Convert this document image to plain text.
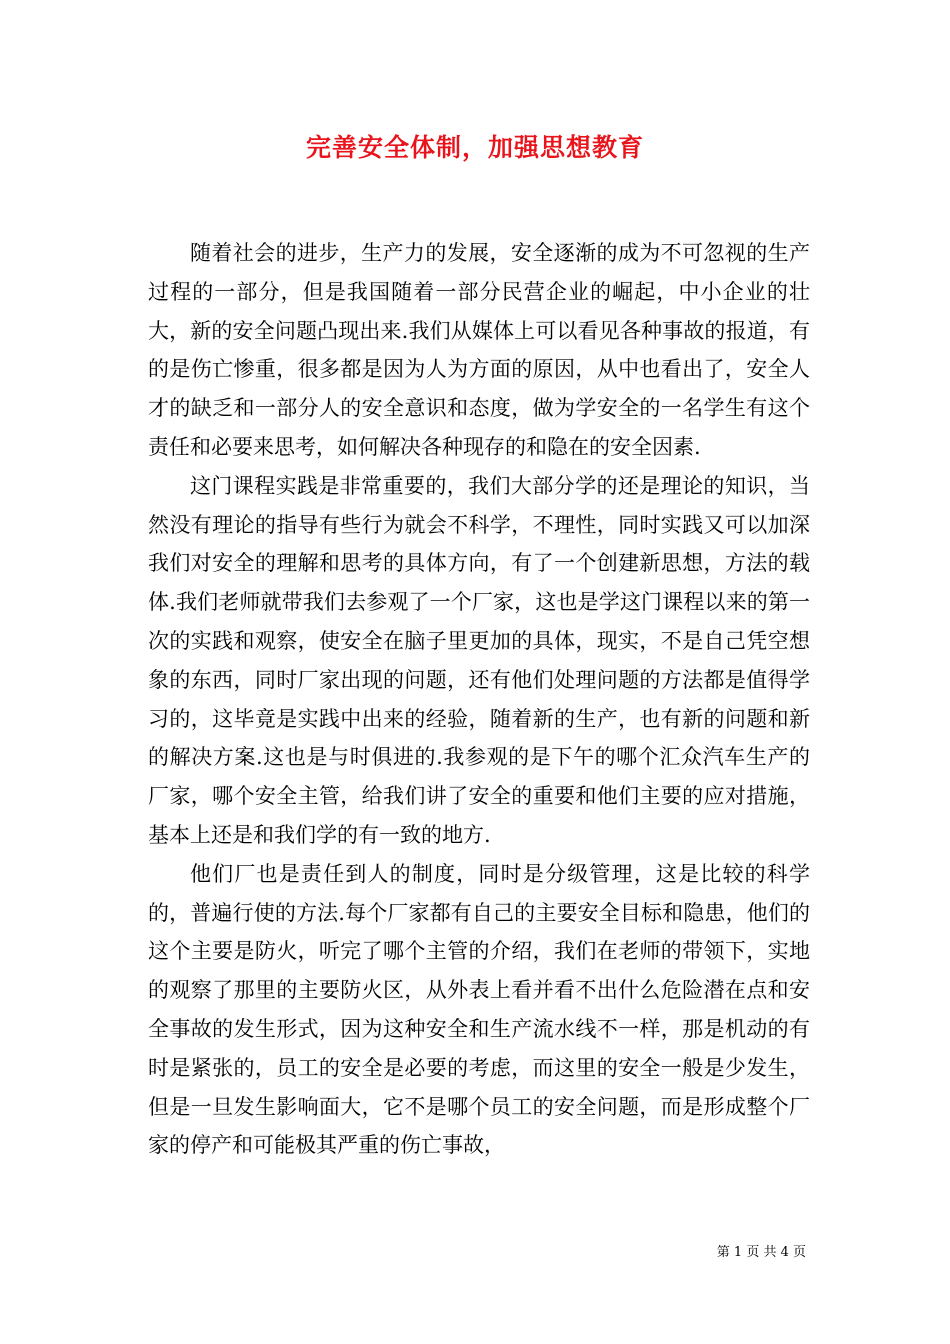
完善安全体制，加强思想教育

随着社会的进步，生产力的发展，安全逐渐的成为不可忽视的生产过程的一部分，但是我国随着一部分民营企业的崛起，中小企业的壮大，新的安全问题凸现出来.我们从媒体上可以看见各种事故的报道，有的是伤亡惨重，很多都是因为人为方面的原因，从中也看出了，安全人才的缺乏和一部分人的安全意识和态度，做为学安全的一名学生有这个责任和必要来思考，如何解决各种现存的和隐在的安全因素.

这门课程实践是非常重要的，我们大部分学的还是理论的知识，当然没有理论的指导有些行为就会不科学，不理性，同时实践又可以加深我们对安全的理解和思考的具体方向，有了一个创建新思想，方法的载体.我们老师就带我们去参观了一个厂家，这也是学这门课程以来的第一次的实践和观察，使安全在脑子里更加的具体，现实，不是自己凭空想象的东西，同时厂家出现的问题，还有他们处理问题的方法都是值得学习的，这毕竟是实践中出来的经验，随着新的生产，也有新的问题和新的解决方案.这也是与时俱进的.我参观的是下午的哪个汇众汽车生产的厂家，哪个安全主管，给我们讲了安全的重要和他们主要的应对措施，基本上还是和我们学的有一致的地方.

他们厂也是责任到人的制度，同时是分级管理，这是比较的科学的，普遍行使的方法.每个厂家都有自己的主要安全目标和隐患，他们的这个主要是防火，听完了哪个主管的介绍，我们在老师的带领下，实地的观察了那里的主要防火区，从外表上看并看不出什么危险潜在点和安全事故的发生形式，因为这种安全和生产流水线不一样，那是机动的有时是紧张的，员工的安全是必要的考虑，而这里的安全一般是少发生，但是一旦发生影响面大，它不是哪个员工的安全问题，而是形成整个厂家的停产和可能极其严重的伤亡事故，

第 1 页 共 4 页
